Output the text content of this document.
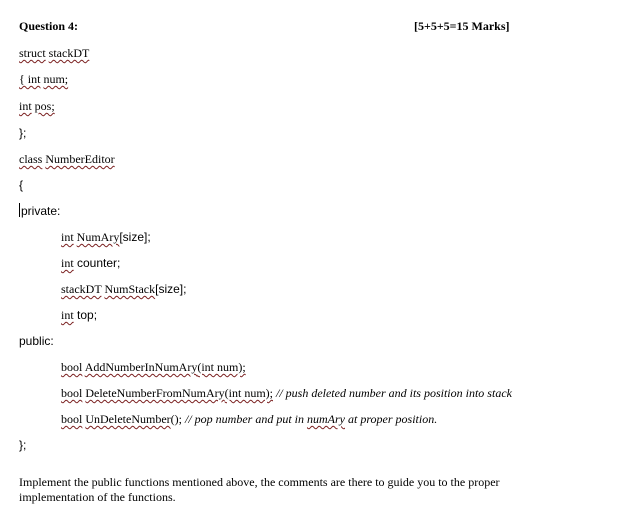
Question 4:	[5+5+5=15 Marks]
struct stackDT
{ int num;
int pos;
};
class NumberEditor
{
private:
int NumAry[size];
int counter;
stackDT NumStack[size];
int top;
public:
bool AddNumberInNumAry(int num);
bool DeleteNumberFromNumAry(int num); // push deleted number and its position into stack
bool UnDeleteNumber(); // pop number and put in numAry at proper position.
};
Implement the public functions mentioned above, the comments are there to guide you to the proper implementation of the functions.
